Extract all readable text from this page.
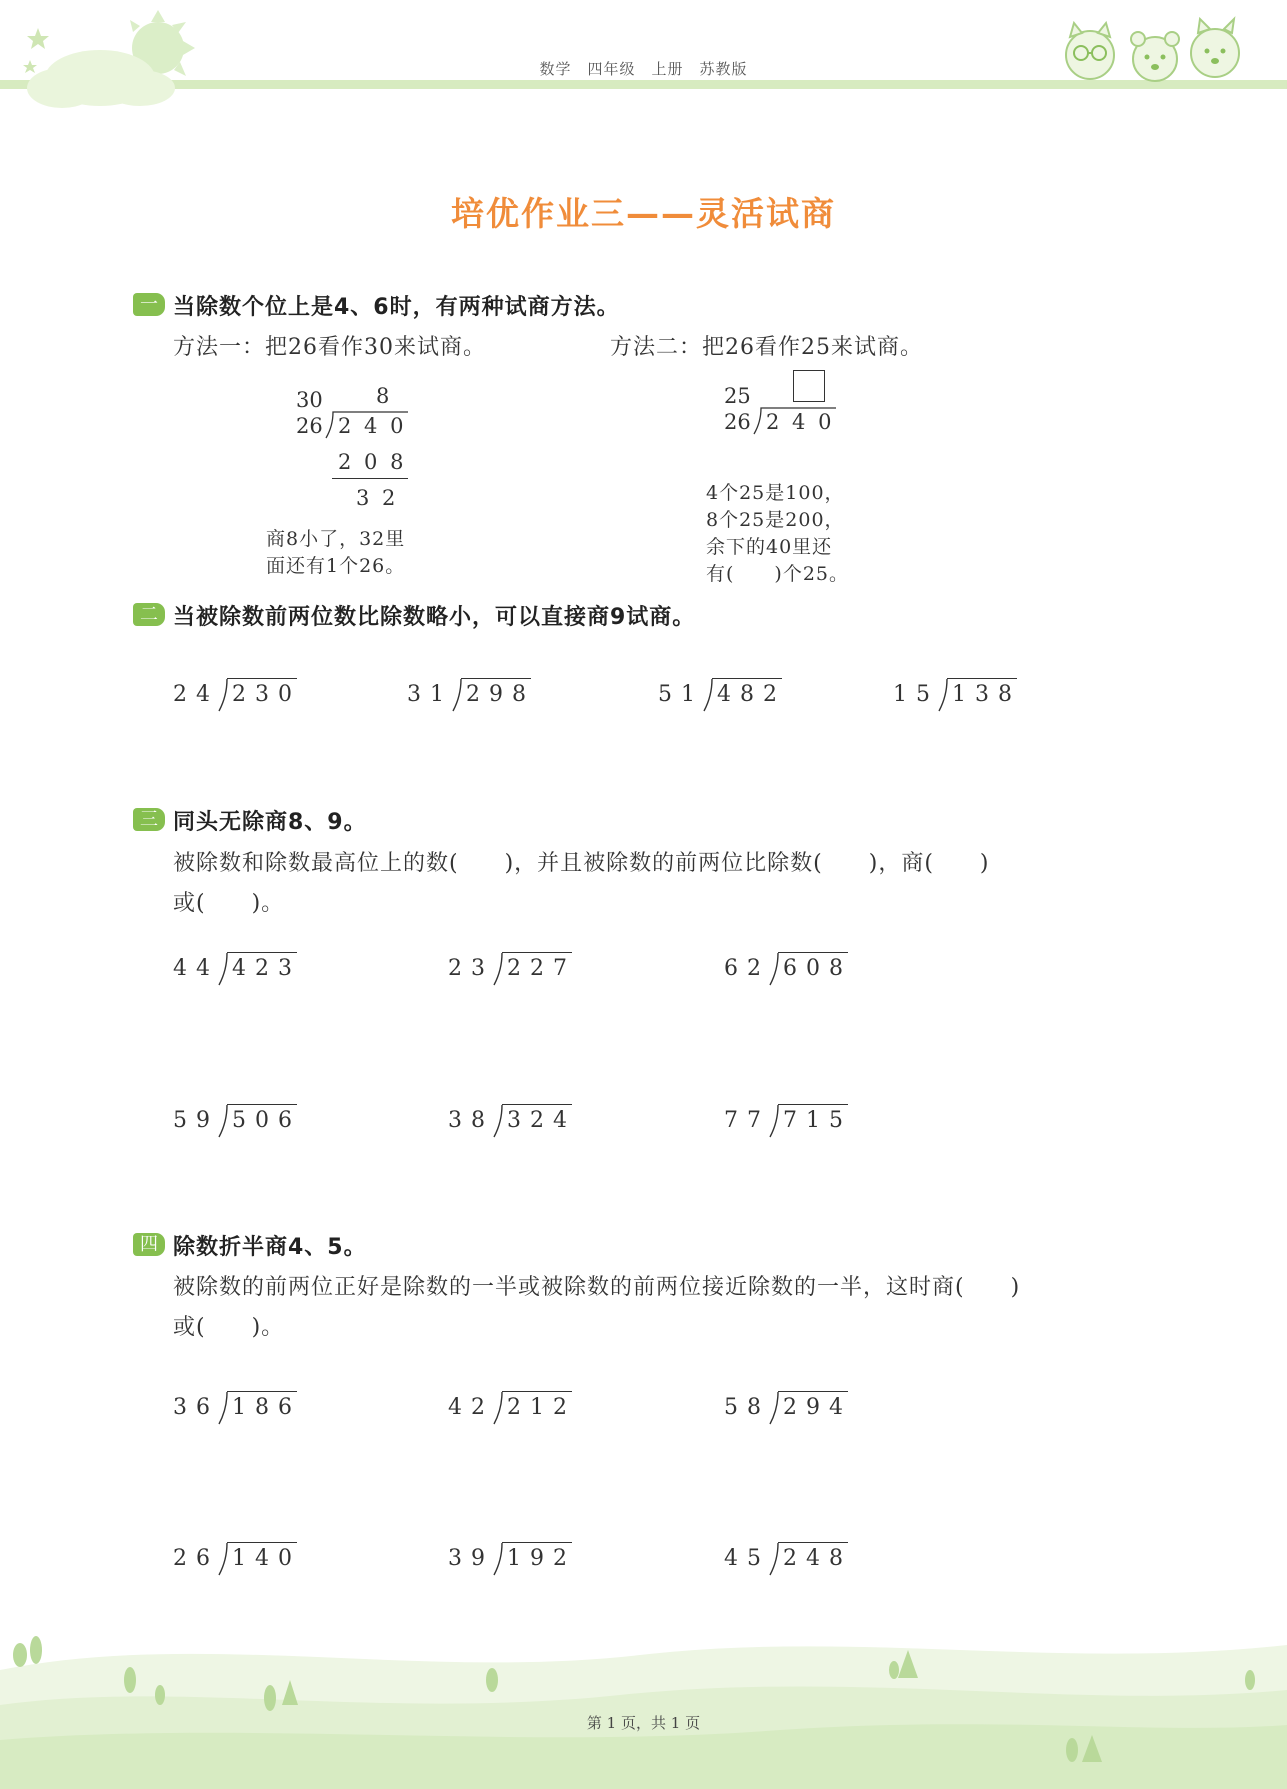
数学　四年级　上册　苏教版
培优作业三——灵活试商
一 当除数个位上是4、6时，有两种试商方法。
方法一：把26看作30来试商。	方法二：把26看作25来试商。
30	8
26 2 4 0
2 0 8
3 2
商8小了，32里
面还有1个26。
25
26 2 4 0
4个25是100，
8个25是200，
余下的40里还
有(　　)个25。
二 当被除数前两位数比除数略小，可以直接商9试商。
24 230	31 298	51 482	15 138
三 同头无除商8、9。
被除数和除数最高位上的数(　　)，并且被除数的前两位比除数(　　)，商(　　)
或(　　)。
44 423	23 227	62 608
59 506	38 324	77 715
四 除数折半商4、5。
被除数的前两位正好是除数的一半或被除数的前两位接近除数的一半，这时商(　　)
或(　　)。
36 186	42 212	58 294
26 140	39 192	45 248
第 1 页，共 1 页
